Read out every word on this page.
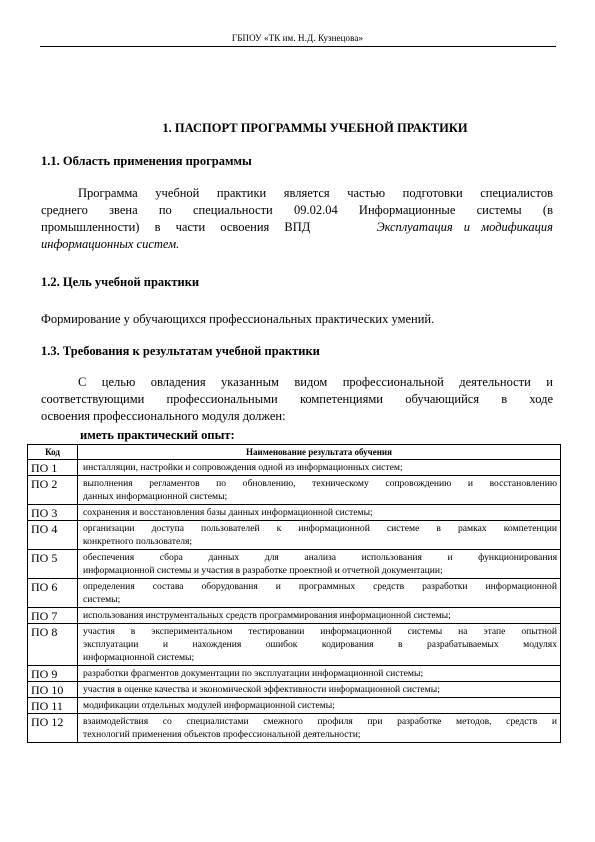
ГБПОУ «ТК им. Н.Д. Кузнецова»
1. ПАСПОРТ ПРОГРАММЫ УЧЕБНОЙ ПРАКТИКИ
1.1. Область применения программы
Программа учебной практики является частью подготовки специалистов
среднего звена по специальности 09.02.04 Информационные системы (в
промышленности) в части освоения ВПД	Эксплуатация и модификация
информационных систем.
1.2. Цель учебной практики
Формирование у обучающихся профессиональных практических умений.
1.3. Требования к результатам учебной практики
С целью овладения указанным видом профессиональной деятельности и
соответствующими профессиональными компетенциями обучающийся в ходе
освоения профессионального модуля должен:
иметь практический опыт:
Код	Наименование результата обучения
ПО 1	инсталляции, настройки и сопровождения одной из информационных систем;

ПО 2	выполнения регламентов по обновлению, техническому сопровождению и восстановлению
данных информационной системы;

ПО 3	сохранения и восстановления базы данных информационной системы;

ПО 4	организации доступа пользователей к информационной системе в рамках компетенции
конкретного пользователя;

ПО 5	обеспечения сбора данных для анализа использования и функционирования
информационной системы и участия в разработке проектной и отчетной документации;

ПО 6	определения состава оборудования и программных средств разработки информационной
системы;

ПО 7	использования инструментальных средств программирования информационной системы;

ПО 8	участия в экспериментальном тестировании информационной системы на этапе опытной
эксплуатации и нахождения ошибок кодирования в разрабатываемых модулях
информационной системы;

ПО 9	разработки фрагментов документации по эксплуатации информационной системы;

ПО 10	участия в оценке качества и экономической эффективности информационной системы;

ПО 11	модификации отдельных модулей информационной системы;

ПО 12	взаимодействия со специалистами смежного профиля при разработке методов, средств и
технологий применения объектов профессиональной деятельности;
